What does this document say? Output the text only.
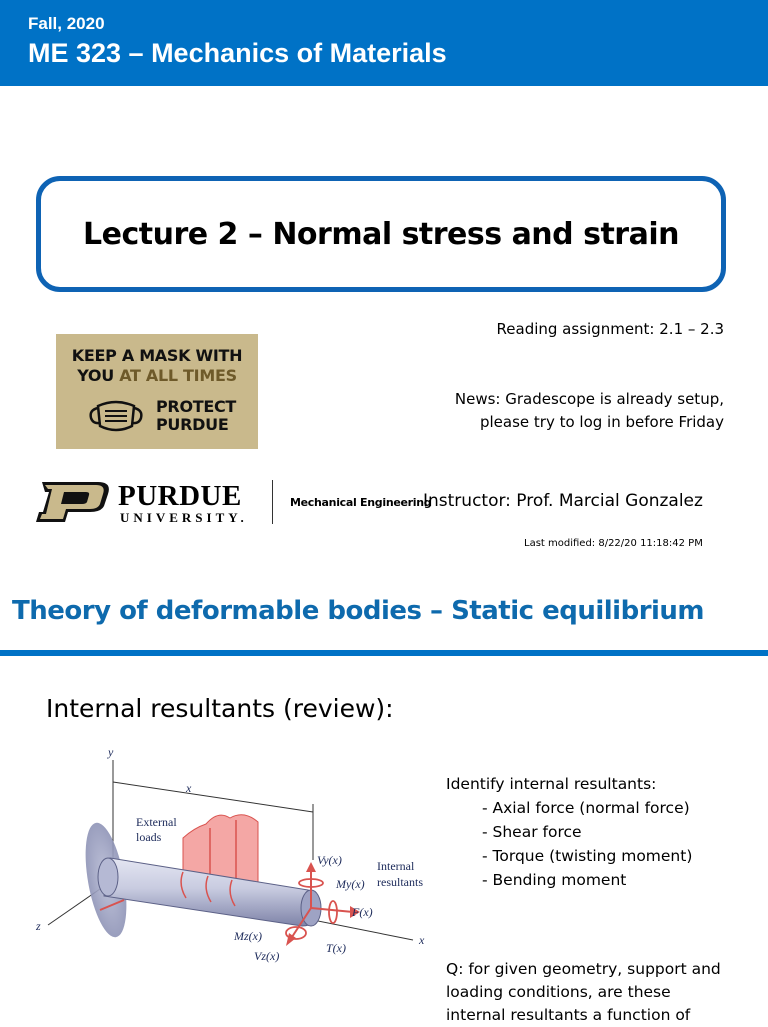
Fall, 2020
ME 323 – Mechanics of Materials
Lecture 2 – Normal stress and strain
Reading assignment: 2.1 – 2.3
News: Gradescope is already setup,
please try to log in before Friday
KEEP A MASK WITH
YOU AT ALL TIMES
PROTECT
PURDUE
PURDUE
UNIVERSITY.
Mechanical Engineering
Instructor: Prof. Marcial Gonzalez
Last modified: 8/22/20 11:18:42 PM
Theory of deformable bodies – Static equilibrium
Internal resultants (review):
y
x
z
x
External
loads
Internal
resultants
Vy(x)
My(x)
F(x)
T(x)
Mz(x)
Vz(x)
Identify internal resultants:
- Axial force (normal force)
- Shear force
- Torque (twisting moment)
- Bending moment
Q: for given geometry, support and
loading conditions, are these
internal resultants a function of
